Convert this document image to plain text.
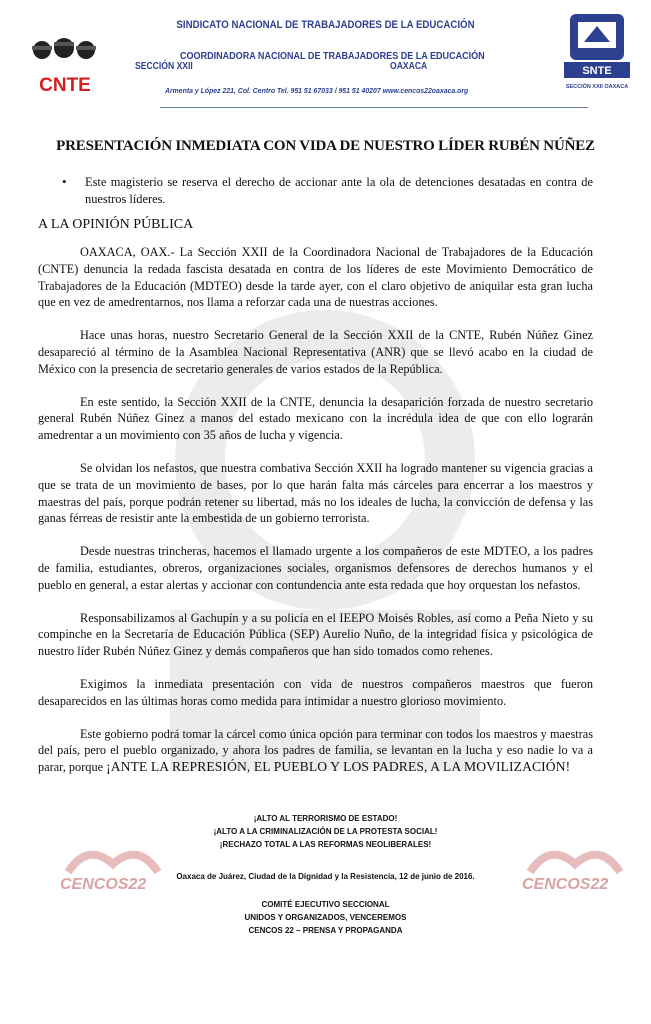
CNTE
SNTE
SECCIÓN XXII OAXACA
SINDICATO NACIONAL DE TRABAJADORES DE LA EDUCACIÓN
COORDINADORA NACIONAL DE TRABAJADORES DE LA EDUCACIÓN
SECCIÓN XXII	OAXACA
Armenta y López 221, Col. Centro Tel. 951 51 67033 / 951 51 40207 www.cencos22oaxaca.org
PRESENTACIÓN INMEDIATA CON VIDA DE NUESTRO LÍDER RUBÉN NÚÑEZ
• Este magisterio se reserva el derecho de accionar ante la ola de detenciones desatadas en contra de nuestros líderes.
A LA OPINIÓN PÚBLICA

OAXACA, OAX.- La Sección XXII de la Coordinadora Nacional de Trabajadores de la Educación (CNTE) denuncia la redada fascista desatada en contra de los líderes de este Movimiento Democrático de Trabajadores de la Educación (MDTEO) desde la tarde ayer, con el claro objetivo de aniquilar esta gran lucha que en vez de amedrentarnos, nos llama a reforzar cada una de nuestras acciones.

Hace unas horas, nuestro Secretario General de la Sección XXII de la CNTE, Rubén Núñez Ginez desapareció al término de la Asamblea Nacional Representativa (ANR) que se llevó acabo en la ciudad de México con la presencia de secretario generales de varios estados de la República.

En este sentido, la Sección XXII de la CNTE, denuncia la desaparición forzada de nuestro secretario general Rubén Núñez Ginez a manos del estado mexicano con la incrédula idea de que con ello lograrán amedrentar a un movimiento con 35 años de lucha y vigencia.

Se olvidan los nefastos, que nuestra combativa Sección XXII ha logrado mantener su vigencia gracias a que se trata de un movimiento de bases, por lo que harán falta más cárceles para encerrar a los maestros y maestras del país, porque podrán retener su libertad, más no los ideales de lucha, la convicción de defensa y las ganas férreas de resistir ante la embestida de un gobierno terrorista.

Desde nuestras trincheras, hacemos el llamado urgente a los compañeros de este MDTEO, a los padres de familia, estudiantes, obreros, organizaciones sociales, organismos defensores de derechos humanos y el pueblo en general, a estar alertas y accionar con contundencia ante esta redada que hoy orquestan los nefastos.

Responsabilizamos al Gachupín y a su policía en el IEEPO Moisés Robles, así como a Peña Nieto y su compinche en la Secretaría de Educación Pública (SEP) Aurelio Nuño, de la integridad física y psicológica de nuestro líder Rubén Núñez Ginez y demás compañeros que han sido tomados como rehenes.

Exigimos la inmediata presentación con vida de nuestros compañeros maestros que fueron desaparecidos en las últimas horas como medida para intimidar a nuestro glorioso movimiento.

Este gobierno podrá tomar la cárcel como única opción para terminar con todos los maestros y maestras del país, pero el pueblo organizado, y ahora los padres de familia, se levantan en la lucha y eso nadie lo va a parar, porque ¡ANTE LA REPRESIÓN, EL PUEBLO Y LOS PADRES, A LA MOVILIZACIÓN!

CENCOS22	CENCOS22
¡ALTO AL TERRORISMO DE ESTADO!
¡ALTO A LA CRIMINALIZACIÓN DE LA PROTESTA SOCIAL!
¡RECHAZO TOTAL A LAS REFORMAS NEOLIBERALES!
Oaxaca de Juárez, Ciudad de la Dignidad y la Resistencia, 12 de junio de 2016.
COMITÉ EJECUTIVO SECCIONAL
UNIDOS Y ORGANIZADOS, VENCEREMOS
CENCOS 22 – PRENSA Y PROPAGANDA
